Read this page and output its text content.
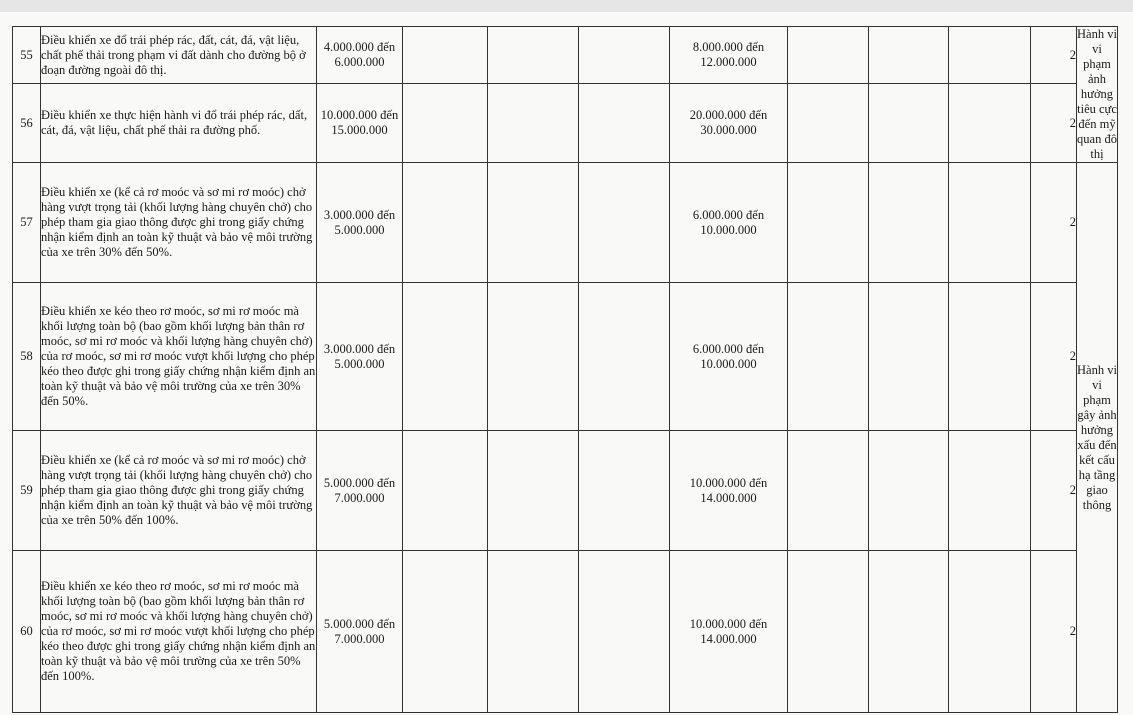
55	Điều khiển xe đổ trái phép rác, đất, cát, đá, vật liệu, chất phế thải trong phạm vi đất dành cho đường bộ ở đoạn đường ngoài đô thị.	4.000.000 đến 6.000.000				8.000.000 đến 12.000.000				2	Hành vi vi phạm ảnh hưởng tiêu cực đến mỹ quan đô thị
56	Điều khiển xe thực hiện hành vi đổ trái phép rác, dất, cát, đá, vật liệu, chất phế thải ra đường phố.	10.000.000 đến 15.000.000				20.000.000 đến 30.000.000				2	
57	Điều khiển xe (kể cả rơ moóc và sơ mi rơ moóc) chở hàng vượt trọng tải (khối lượng hàng chuyên chở) cho phép tham gia giao thông được ghi trong giấy chứng nhận kiểm định an toàn kỹ thuật và bảo vệ môi trường của xe trên 30% đến 50%.	3.000.000 đến 5.000.000				6.000.000 đến 10.000.000				2	Hành vi vi phạm gây ảnh hưởng xấu đến kết cấu hạ tầng giao thông
58	Điều khiển xe kéo theo rơ moóc, sơ mi rơ moóc mà khối lượng toàn bộ (bao gồm khối lượng bản thân rơ moóc, sơ mi rơ moóc và khối lượng hàng chuyên chở) của rơ moóc, sơ mi rơ moóc vượt khối lượng cho phép kéo theo được ghi trong giấy chứng nhận kiểm định an toàn kỹ thuật và bảo vệ môi trường của xe trên 30% đến 50%.	3.000.000 đến 5.000.000				6.000.000 đến 10.000.000				2	
59	Điều khiển xe (kể cả rơ moóc và sơ mi rơ moóc) chở hàng vượt trọng tải (khối lượng hàng chuyên chở) cho phép tham gia giao thông được ghi trong giấy chứng nhận kiểm định an toàn kỹ thuật và bảo vệ môi trường của xe trên 50% đến 100%.	5.000.000 đến 7.000.000				10.000.000 đến 14.000.000				2	
60	Điều khiển xe kéo theo rơ moóc, sơ mi rơ moóc mà khối lượng toàn bộ (bao gồm khối lượng bản thân rơ moóc, sơ mi rơ moóc và khối lượng hàng chuyên chở) của rơ moóc, sơ mi rơ moóc vượt khối lượng cho phép kéo theo được ghi trong giấy chứng nhận kiểm định an toàn kỹ thuật và bảo vệ môi trường của xe trên 50% đến 100%.	5.000.000 đến 7.000.000				10.000.000 đến 14.000.000				2	
